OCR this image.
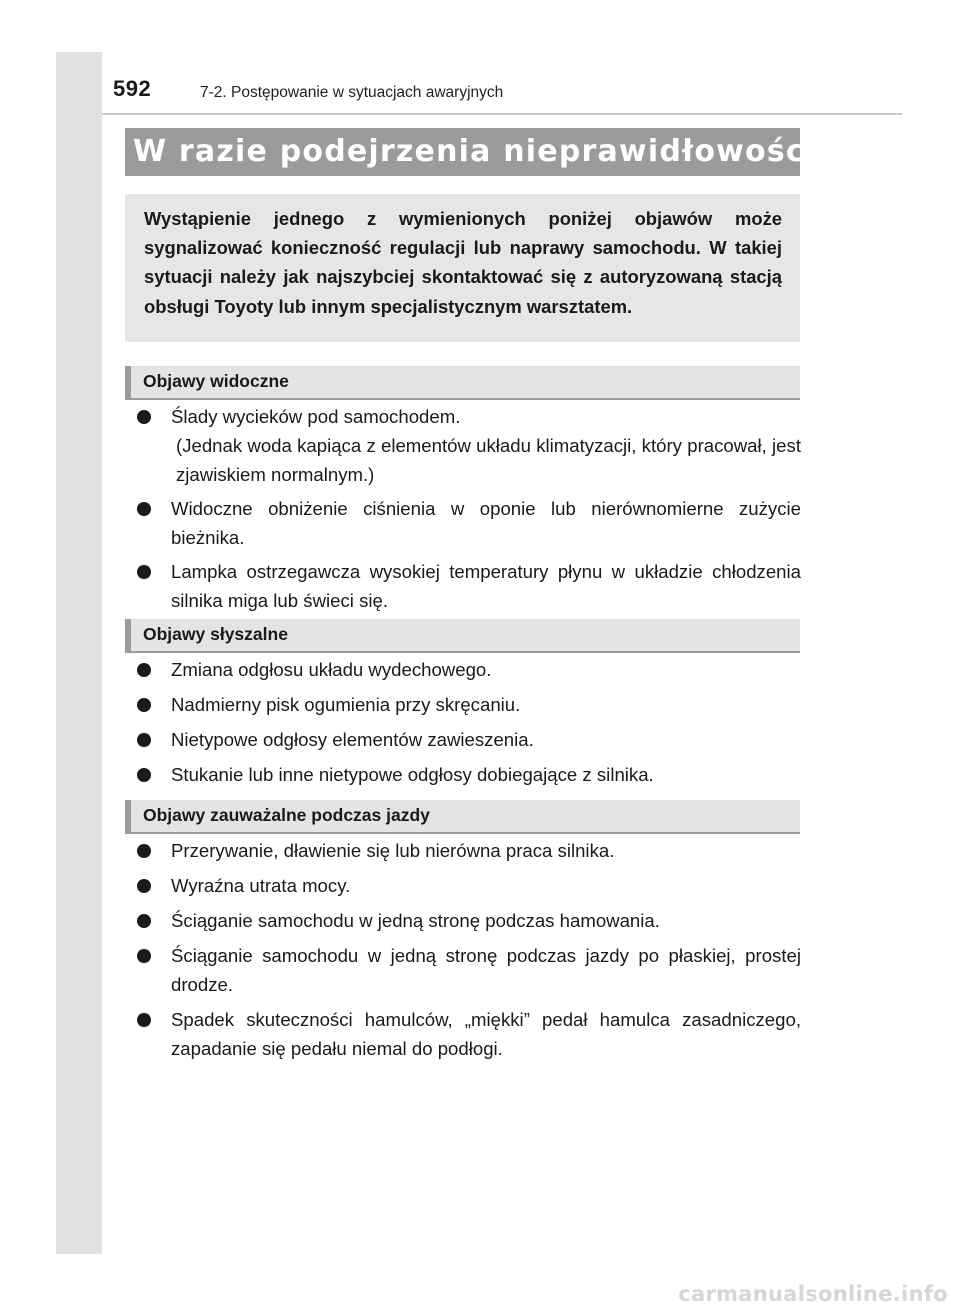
592	7-2. Postępowanie w sytuacjach awaryjnych
W razie podejrzenia nieprawidłowości
Wystąpienie jednego z wymienionych poniżej objawów może sygnalizować konieczność regulacji lub naprawy samochodu. W takiej sytuacji należy jak najszybciej skontaktować się z autoryzowaną stacją obsługi Toyoty lub innym specjalistycznym warsztatem.
Objawy widoczne
Ślady wycieków pod samochodem.
(Jednak woda kapiąca z elementów układu klimatyzacji, który pracował, jest zjawiskiem normalnym.)
Widoczne obniżenie ciśnienia w oponie lub nierównomierne zużycie bieżnika.
Lampka ostrzegawcza wysokiej temperatury płynu w układzie chłodzenia silnika miga lub świeci się.
Objawy słyszalne
Zmiana odgłosu układu wydechowego.
Nadmierny pisk ogumienia przy skręcaniu.
Nietypowe odgłosy elementów zawieszenia.
Stukanie lub inne nietypowe odgłosy dobiegające z silnika.
Objawy zauważalne podczas jazdy
Przerywanie, dławienie się lub nierówna praca silnika.
Wyraźna utrata mocy.
Ściąganie samochodu w jedną stronę podczas hamowania.
Ściąganie samochodu w jedną stronę podczas jazdy po płaskiej, prostej drodze.
Spadek skuteczności hamulców, „miękki” pedał hamulca zasadniczego, zapadanie się pedału niemal do podłogi.
carmanualsonline.info
